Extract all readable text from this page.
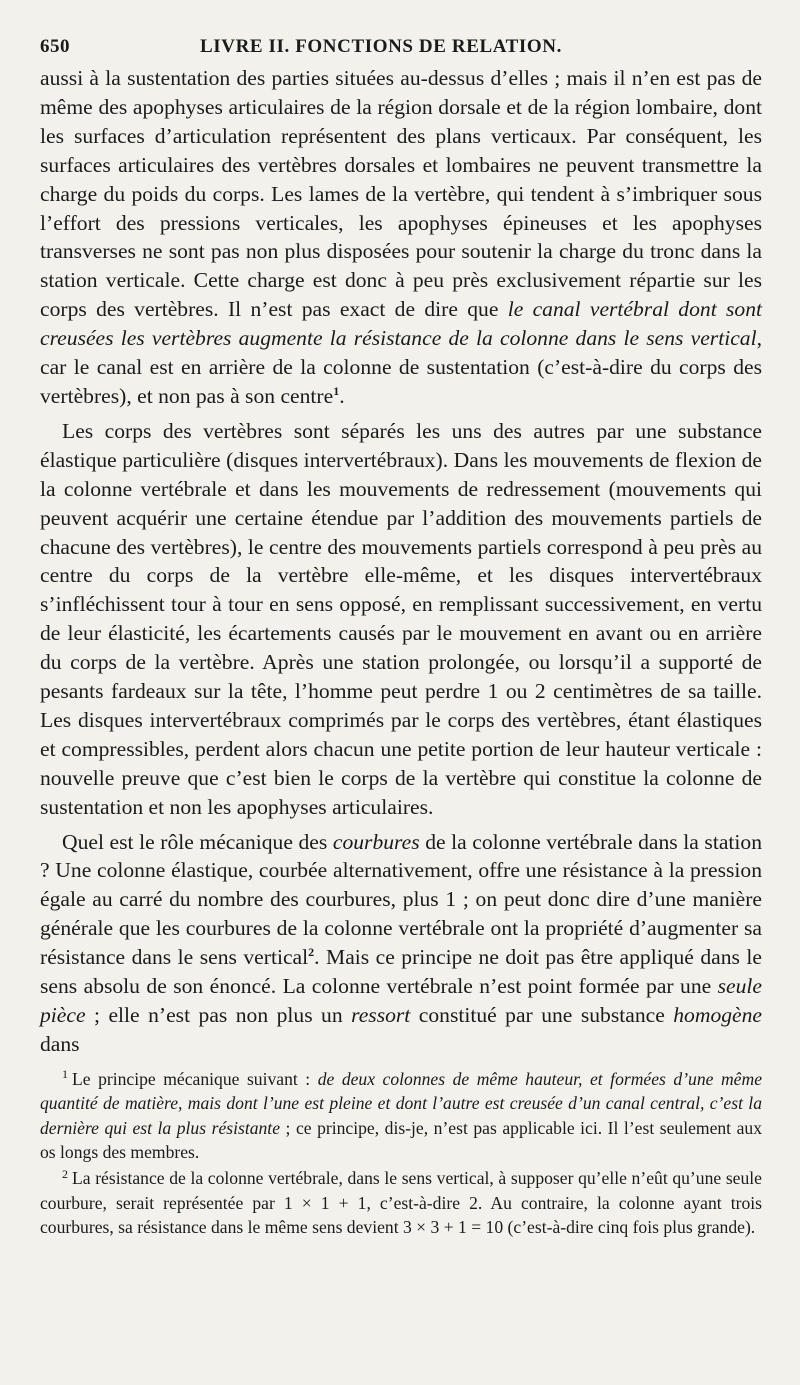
650	LIVRE II. FONCTIONS DE RELATION.

aussi à la sustentation des parties situées au-dessus d’elles ; mais il n’en est pas de même des apophyses articulaires de la région dorsale et de la région lombaire, dont les surfaces d’articulation représentent des plans verticaux. Par conséquent, les surfaces articulaires des vertèbres dorsales et lombaires ne peuvent transmettre la charge du poids du corps. Les lames de la vertèbre, qui tendent à s’imbriquer sous l’effort des pressions verticales, les apophyses épineuses et les apophyses transverses ne sont pas non plus disposées pour soutenir la charge du tronc dans la station verticale. Cette charge est donc à peu près exclusivement répartie sur les corps des vertèbres. Il n’est pas exact de dire que le canal vertébral dont sont creusées les vertèbres augmente la résistance de la colonne dans le sens vertical, car le canal est en arrière de la colonne de sustentation (c’est-à-dire du corps des vertèbres), et non pas à son centre$^1$.

Les corps des vertèbres sont séparés les uns des autres par une substance élastique particulière (disques intervertébraux). Dans les mouvements de flexion de la colonne vertébrale et dans les mouvements de redressement (mouvements qui peuvent acquérir une certaine étendue par l’addition des mouvements partiels de chacune des vertèbres), le centre des mouvements partiels correspond à peu près au centre du corps de la vertèbre elle-même, et les disques intervertébraux s’infléchissent tour à tour en sens opposé, en remplissant successivement, en vertu de leur élasticité, les écartements causés par le mouvement en avant ou en arrière du corps de la vertèbre. Après une station prolongée, ou lorsqu’il a supporté de pesants fardeaux sur la tête, l’homme peut perdre 1 ou 2 centimètres de sa taille. Les disques intervertébraux comprimés par le corps des vertèbres, étant élastiques et compressibles, perdent alors chacun une petite portion de leur hauteur verticale : nouvelle preuve que c’est bien le corps de la vertèbre qui constitue la colonne de sustentation et non les apophyses articulaires.

Quel est le rôle mécanique des courbures de la colonne vertébrale dans la station ? Une colonne élastique, courbée alternativement, offre une résistance à la pression égale au carré du nombre des courbures, plus 1 ; on peut donc dire d’une manière générale que les courbures de la colonne vertébrale ont la propriété d’augmenter sa résistance dans le sens vertical$^2$. Mais ce principe ne doit pas être appliqué dans le sens absolu de son énoncé. La colonne vertébrale n’est point formée par une seule pièce ; elle n’est pas non plus un ressort constitué par une substance homogène dans

$^1$ Le principe mécanique suivant : de deux colonnes de même hauteur, et formées d’une même quantité de matière, mais dont l’une est pleine et dont l’autre est creusée d’un canal central, c’est la dernière qui est la plus résistante ; ce principe, dis-je, n’est pas applicable ici. Il l’est seulement aux os longs des membres.

$^2$ La résistance de la colonne vertébrale, dans le sens vertical, à supposer qu’elle n’eût qu’une seule courbure, serait représentée par 1 × 1 + 1, c’est-à-dire 2. Au contraire, la colonne ayant trois courbures, sa résistance dans le même sens devient 3 × 3 + 1 = 10 (c’est-à-dire cinq fois plus grande).
